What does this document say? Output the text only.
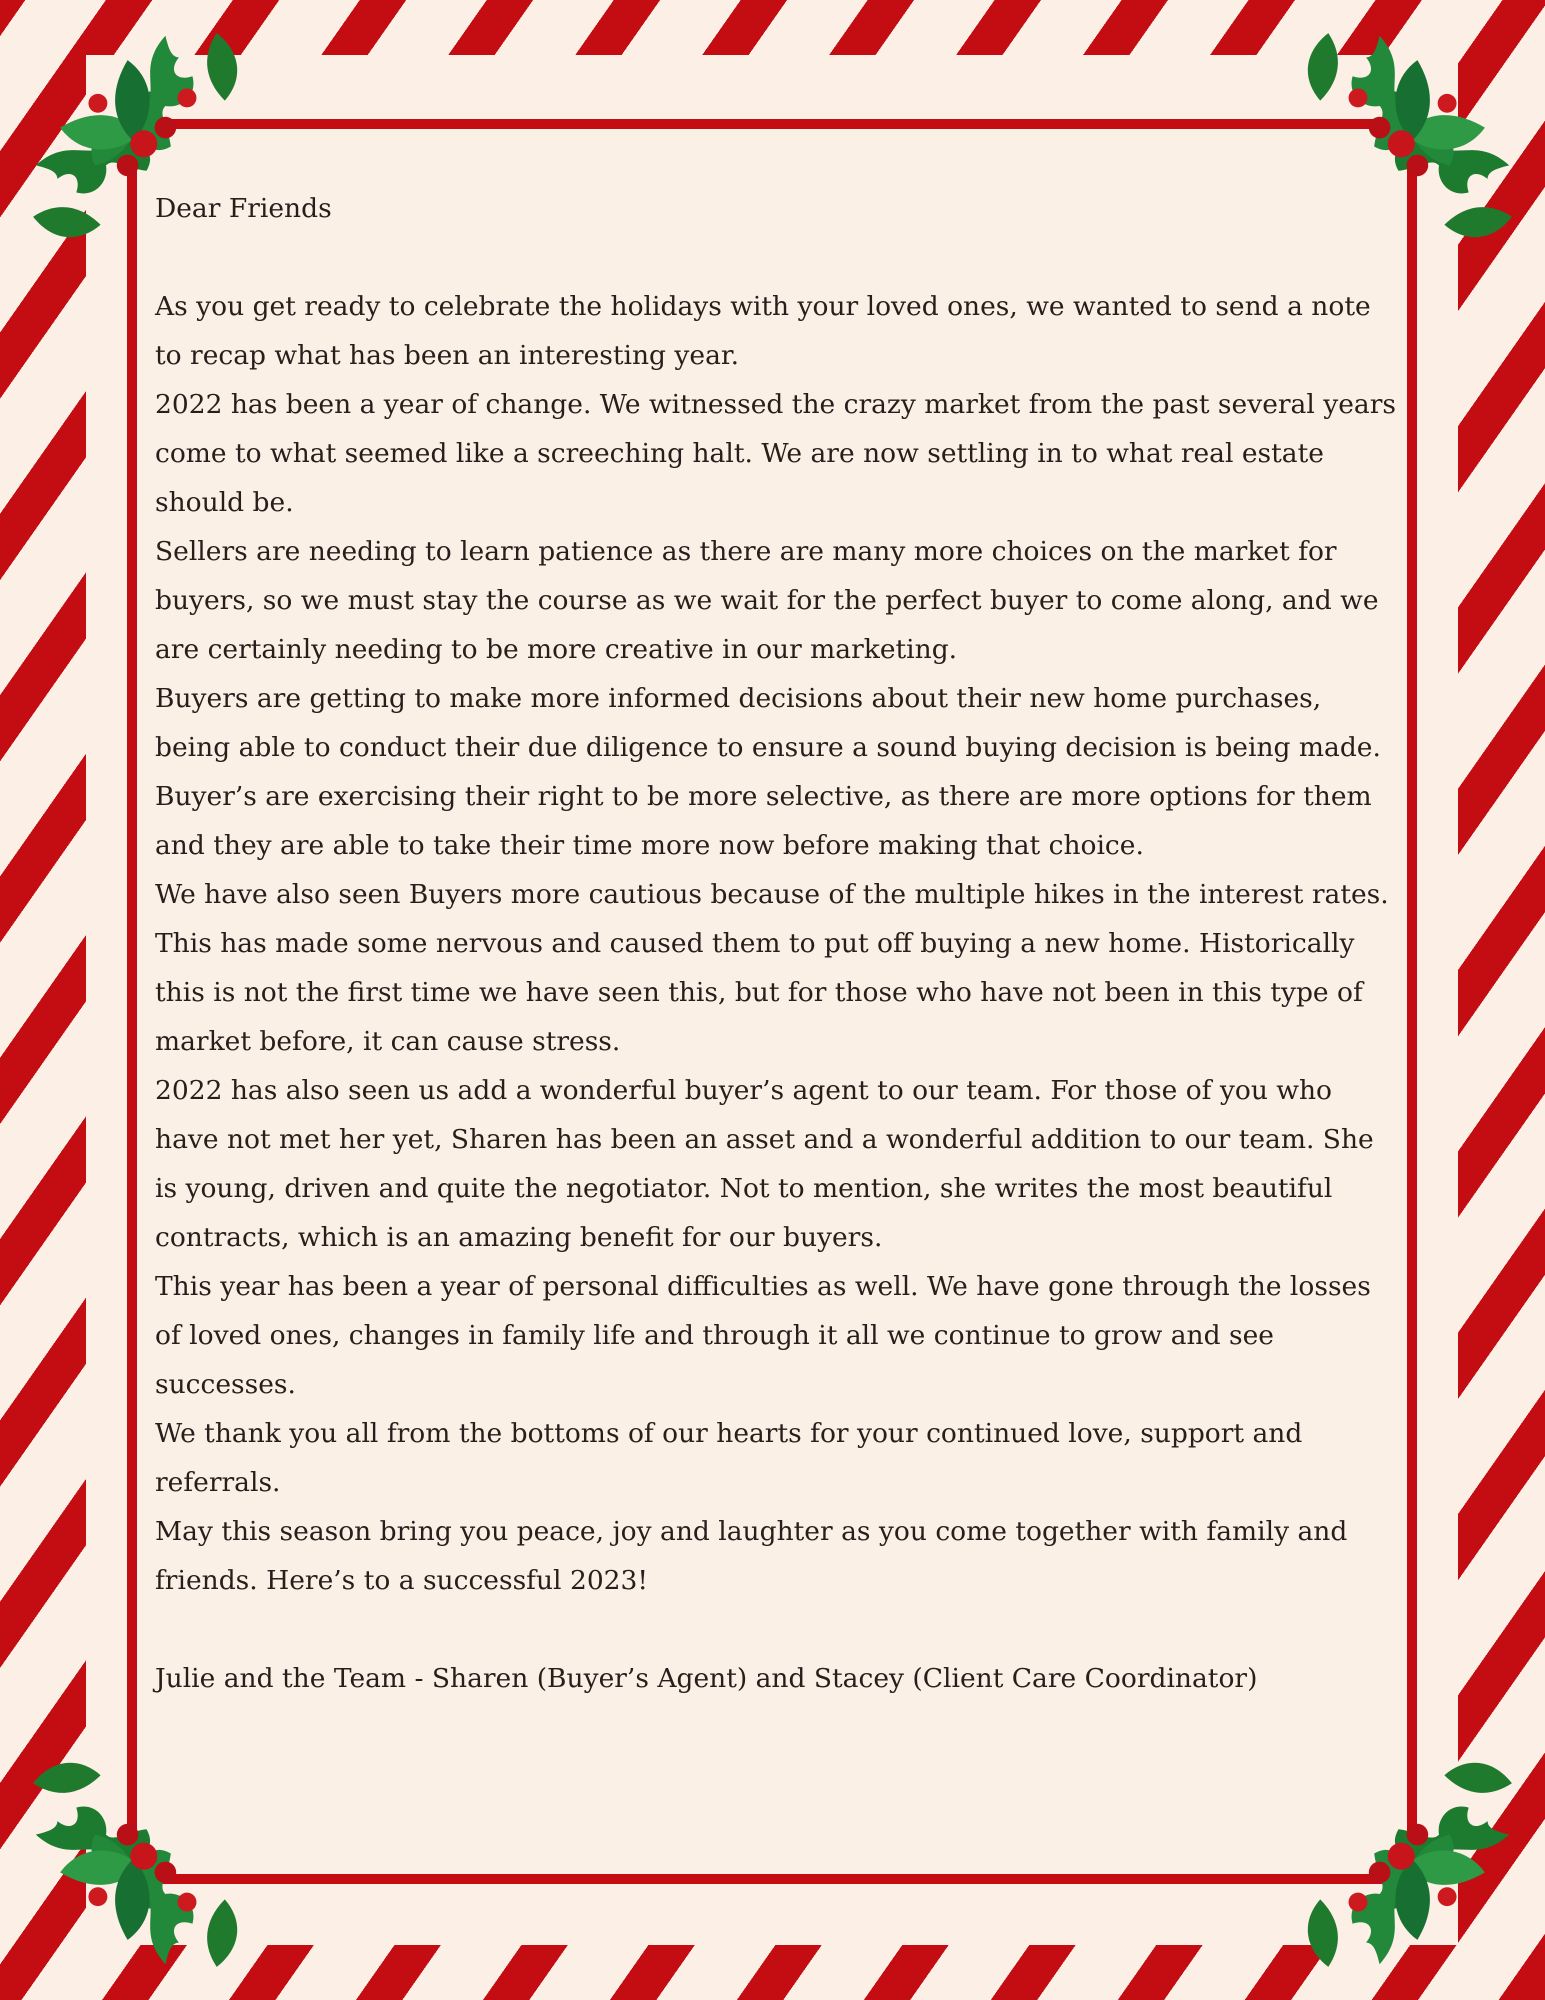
Dear Friends

As you get ready to celebrate the holidays with your loved ones, we wanted to send a note to recap what has been an interesting year.

2022 has been a year of change. We witnessed the crazy market from the past several years come to what seemed like a screeching halt. We are now settling in to what real estate should be.

Sellers are needing to learn patience as there are many more choices on the market for buyers, so we must stay the course as we wait for the perfect buyer to come along, and we are certainly needing to be more creative in our marketing.

Buyers are getting to make more informed decisions about their new home purchases, being able to conduct their due diligence to ensure a sound buying decision is being made.

Buyer’s are exercising their right to be more selective, as there are more options for them and they are able to take their time more now before making that choice.

We have also seen Buyers more cautious because of the multiple hikes in the interest rates. This has made some nervous and caused them to put off buying a new home. Historically this is not the first time we have seen this, but for those who have not been in this type of market before, it can cause stress.

2022 has also seen us add a wonderful buyer’s agent to our team. For those of you who have not met her yet, Sharen has been an asset and a wonderful addition to our team. She is young, driven and quite the negotiator. Not to mention, she writes the most beautiful contracts, which is an amazing benefit for our buyers.

This year has been a year of personal difficulties as well. We have gone through the losses of loved ones, changes in family life and through it all we continue to grow and see successes.

We thank you all from the bottoms of our hearts for your continued love, support and referrals.

May this season bring you peace, joy and laughter as you come together with family and friends. Here’s to a successful 2023!

Julie and the Team - Sharen (Buyer’s Agent) and Stacey (Client Care Coordinator)
